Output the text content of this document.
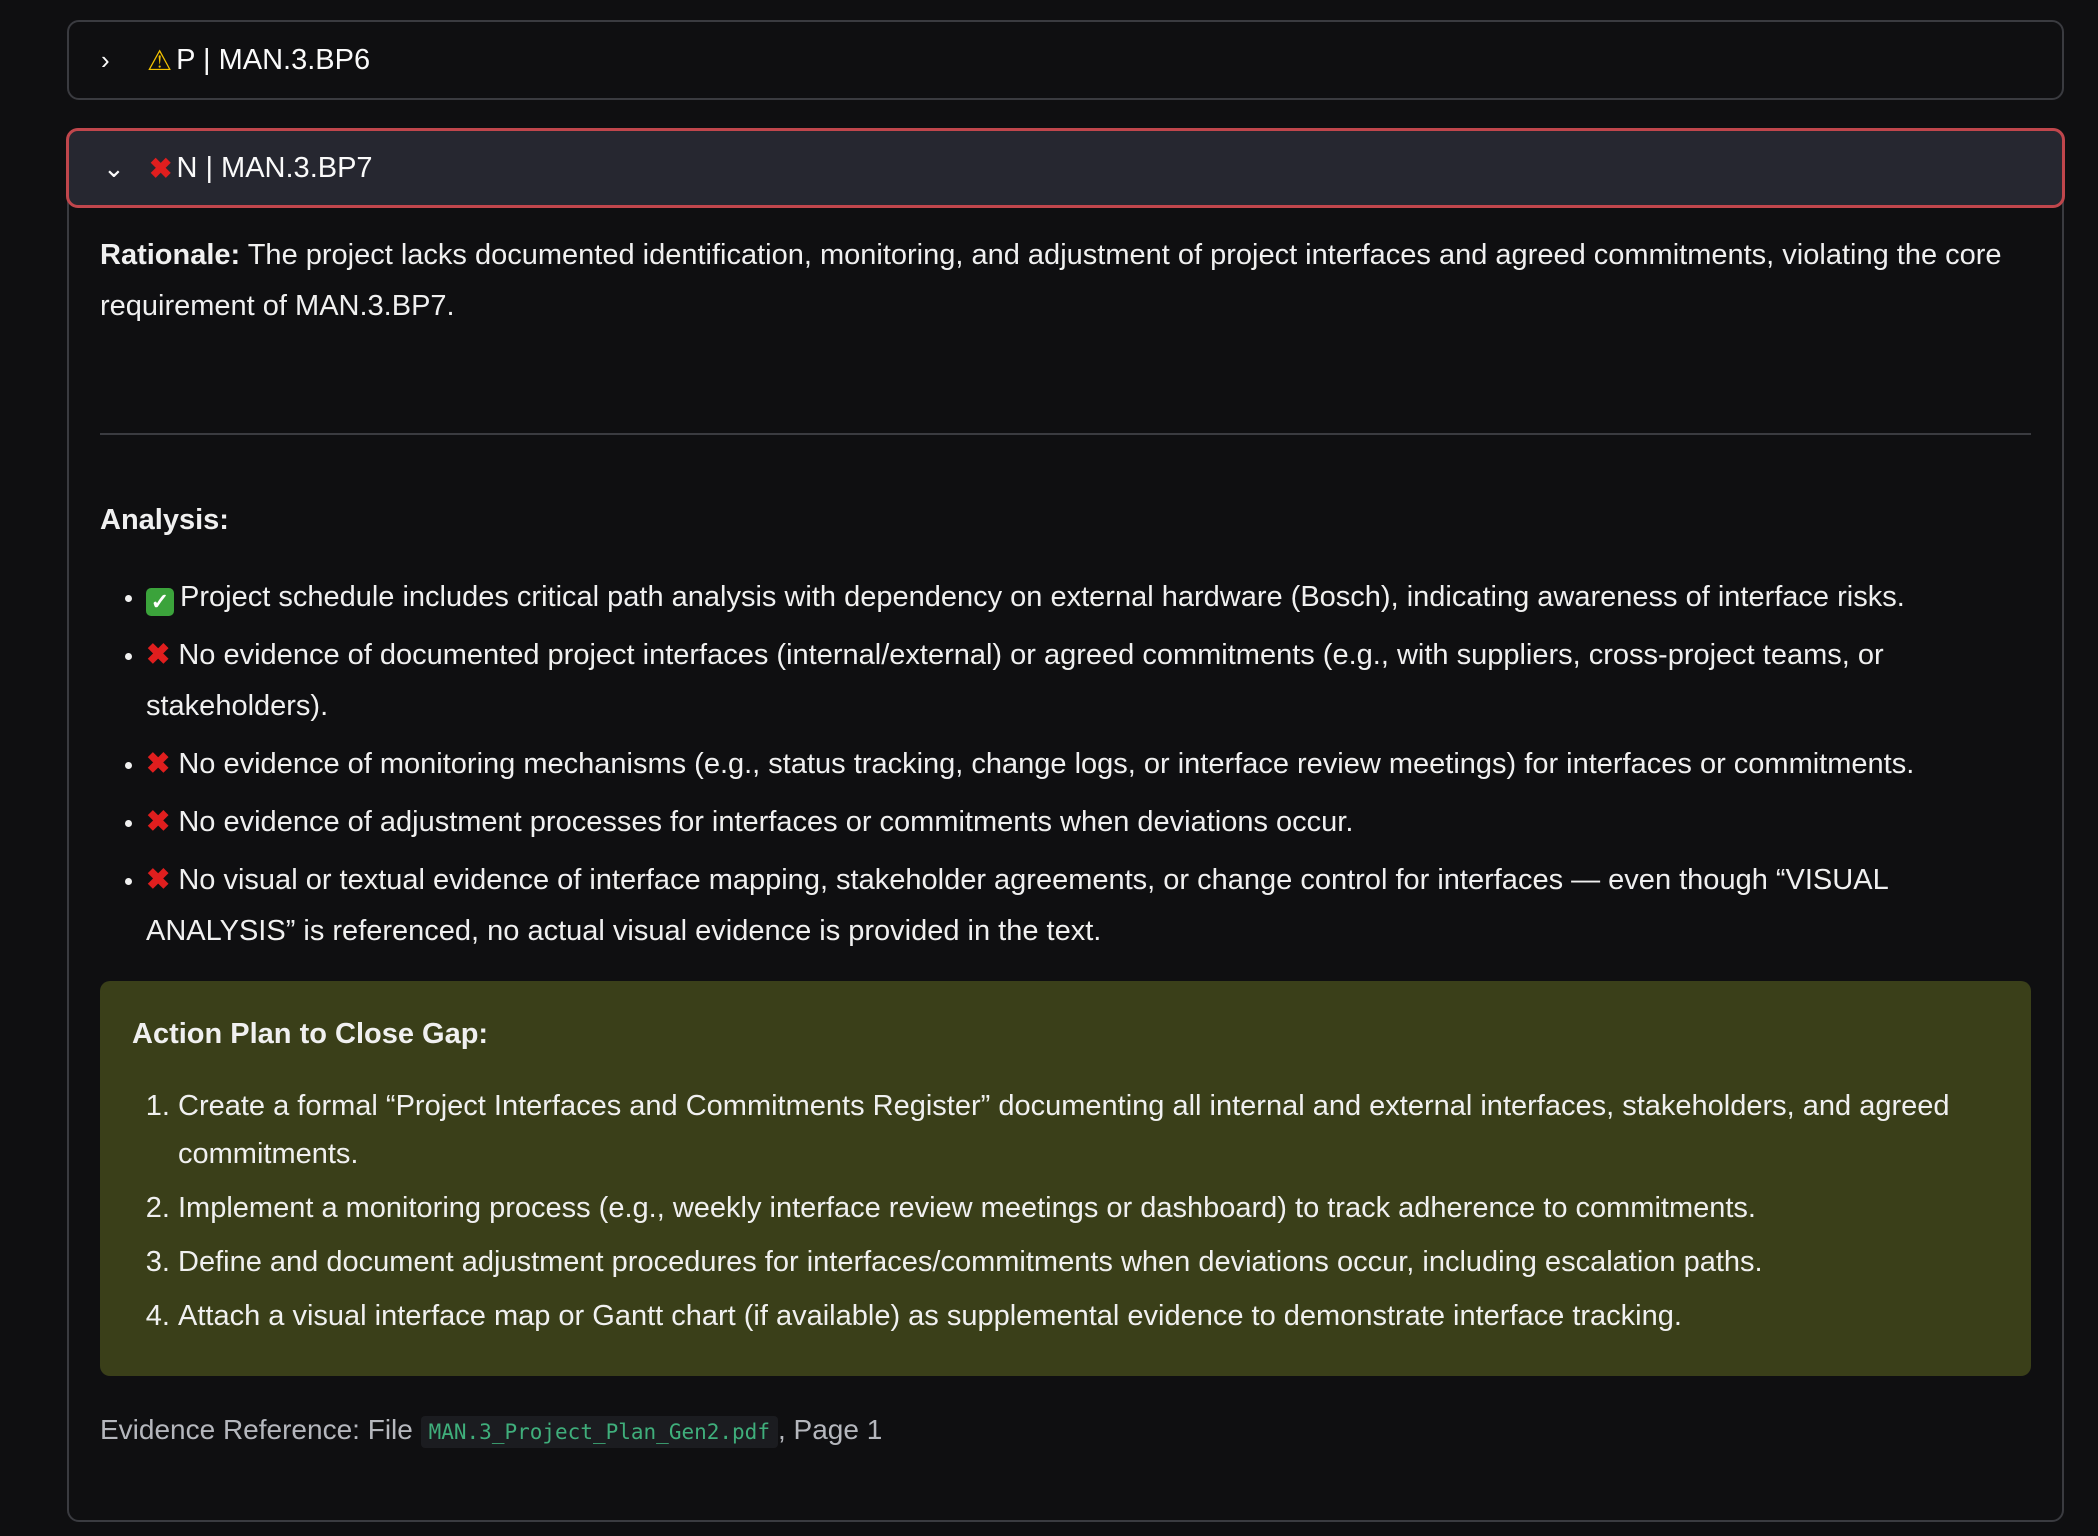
›	⚠ P | MAN.3.BP6
⌄ ✖ N | MAN.3.BP7

Rationale: The project lacks documented identification, monitoring, and adjustment of project interfaces and agreed commitments, violating the core requirement of MAN.3.BP7.

Analysis:

• ✓ Project schedule includes critical path analysis with dependency on external hardware (Bosch), indicating awareness of interface risks.
• ✖ No evidence of documented project interfaces (internal/external) or agreed commitments (e.g., with suppliers, cross-project teams, or stakeholders).
• ✖ No evidence of monitoring mechanisms (e.g., status tracking, change logs, or interface review meetings) for interfaces or commitments.
• ✖ No evidence of adjustment processes for interfaces or commitments when deviations occur.
• ✖ No visual or textual evidence of interface mapping, stakeholder agreements, or change control for interfaces — even though “VISUAL ANALYSIS” is referenced, no actual visual evidence is provided in the text.

Action Plan to Close Gap:

1. Create a formal “Project Interfaces and Commitments Register” documenting all internal and external interfaces, stakeholders, and agreed commitments.
2. Implement a monitoring process (e.g., weekly interface review meetings or dashboard) to track adherence to commitments.
3. Define and document adjustment procedures for interfaces/commitments when deviations occur, including escalation paths.
4. Attach a visual interface map or Gantt chart (if available) as supplemental evidence to demonstrate interface tracking.

Evidence Reference: File MAN.3_Project_Plan_Gen2.pdf , Page 1
